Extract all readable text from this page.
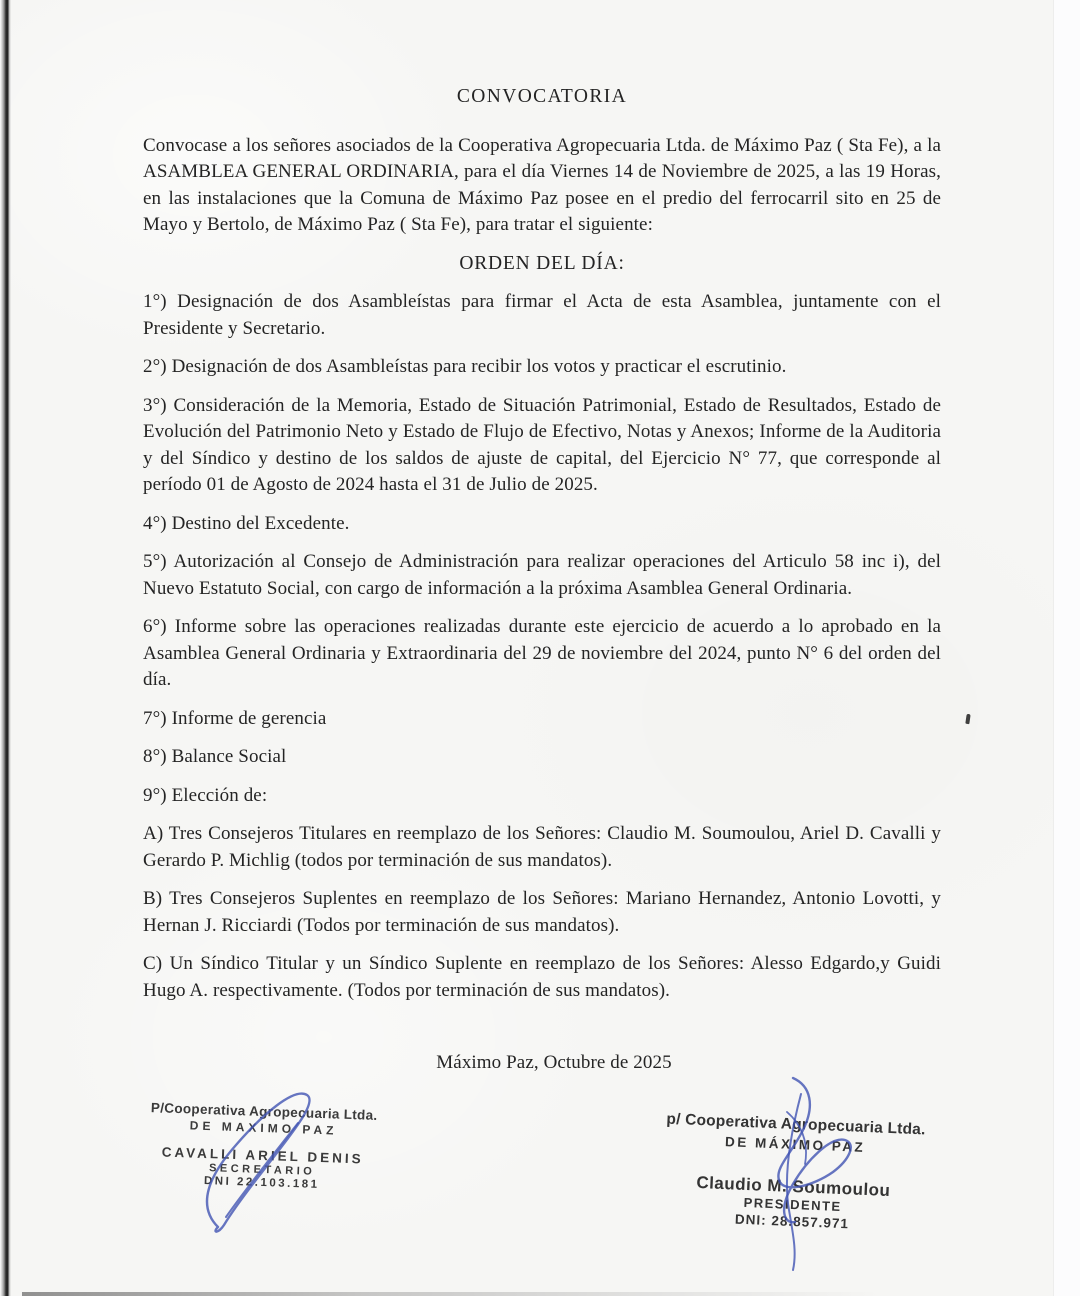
CONVOCATORIA

Convocase a los señores asociados de la Cooperativa Agropecuaria Ltda. de Máximo Paz ( Sta Fe), a la ASAMBLEA GENERAL ORDINARIA, para el día Viernes 14 de Noviembre de 2025, a las 19 Horas, en las instalaciones que la Comuna de Máximo Paz posee en el predio del ferrocarril sito en 25 de Mayo y Bertolo, de Máximo Paz ( Sta Fe), para tratar el siguiente:

ORDEN DEL DÍA:

1°) Designación de dos Asambleístas para firmar el Acta de esta Asamblea, juntamente con el Presidente y Secretario.

2°) Designación de dos Asambleístas para recibir los votos y practicar el escrutinio.

3°) Consideración de la Memoria, Estado de Situación Patrimonial, Estado de Resultados, Estado de Evolución del Patrimonio Neto y Estado de Flujo de Efectivo, Notas y Anexos; Informe de la Auditoria y del Síndico y destino de los saldos de ajuste de capital, del Ejercicio N° 77, que corresponde al período 01 de Agosto de 2024 hasta el 31 de Julio de 2025.

4°) Destino del Excedente.

5°) Autorización al Consejo de Administración para realizar operaciones del Articulo 58 inc i), del Nuevo Estatuto Social, con cargo de información a la próxima Asamblea General Ordinaria.

6°) Informe sobre las operaciones realizadas durante este ejercicio de acuerdo a lo aprobado en la Asamblea General Ordinaria y Extraordinaria del 29 de noviembre del 2024, punto N° 6 del orden del día.

7°) Informe de gerencia

8°) Balance Social

9°) Elección de:

A) Tres Consejeros Titulares en reemplazo de los Señores: Claudio M. Soumoulou, Ariel D. Cavalli y Gerardo P. Michlig (todos por terminación de sus mandatos).

B) Tres Consejeros Suplentes en reemplazo de los Señores: Mariano Hernandez, Antonio Lovotti, y Hernan J. Ricciardi (Todos por terminación de sus mandatos).

C) Un Síndico Titular y un Síndico Suplente en reemplazo de los Señores: Alesso Edgardo,y Guidi Hugo A. respectivamente. (Todos por terminación de sus mandatos).

Máximo Paz, Octubre de 2025

P/Cooperativa Agropecuaria Ltda.
DE MAXIMO PAZ
CAVALLI ARIEL DENIS
SECRETARIO
DNI 22.103.181
p/ Cooperativa Agropecuaria Ltda.
DE MÁXIMO PAZ
Claudio M. Soumoulou
PRESIDENTE
DNI: 28.857.971
